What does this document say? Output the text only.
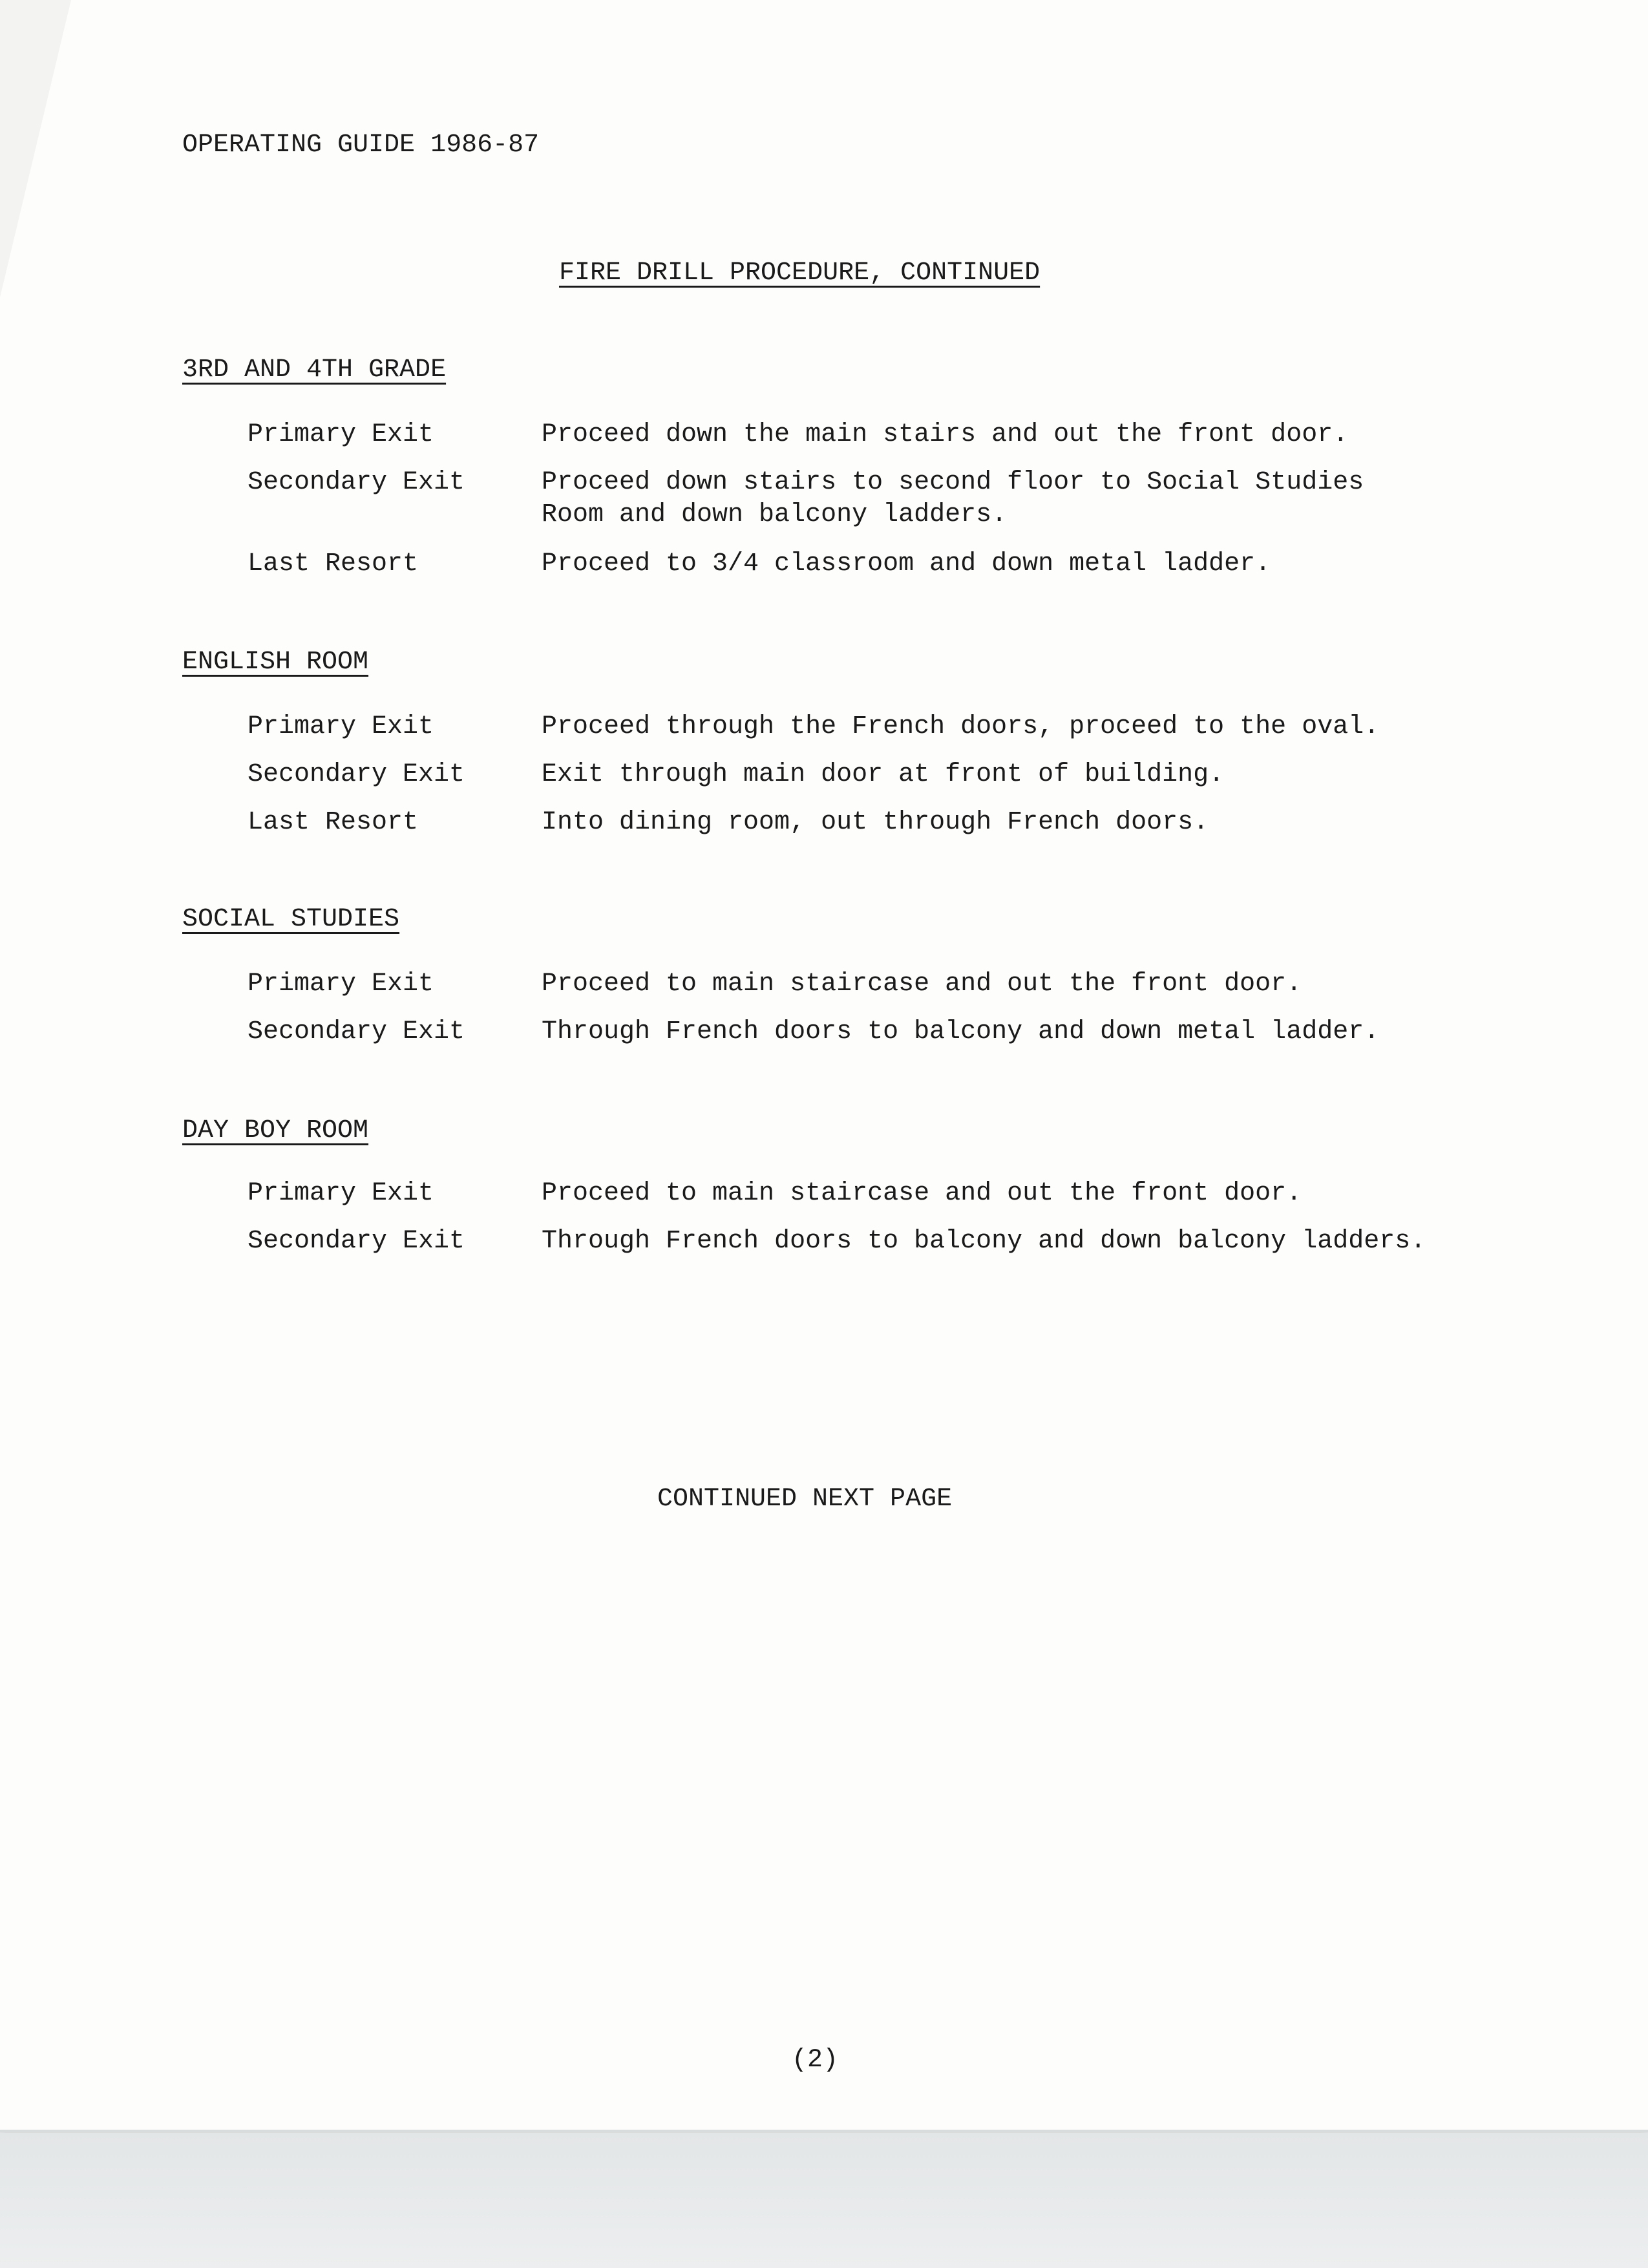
OPERATING GUIDE 1986-87
FIRE DRILL PROCEDURE, CONTINUED
3RD AND 4TH GRADE
Primary Exit	Proceed down the main stairs and out the front door.
Secondary Exit	Proceed down stairs to second floor to Social Studies
Room and down balcony ladders.
Last Resort	Proceed to 3/4 classroom and down metal ladder.
ENGLISH ROOM
Primary Exit	Proceed through the French doors, proceed to the oval.
Secondary Exit	Exit through main door at front of building.
Last Resort	Into dining room, out through French doors.
SOCIAL STUDIES
Primary Exit	Proceed to main staircase and out the front door.
Secondary Exit	Through French doors to balcony and down metal ladder.
DAY BOY ROOM
Primary Exit	Proceed to main staircase and out the front door.
Secondary Exit	Through French doors to balcony and down balcony ladders.
CONTINUED NEXT PAGE
(2)
